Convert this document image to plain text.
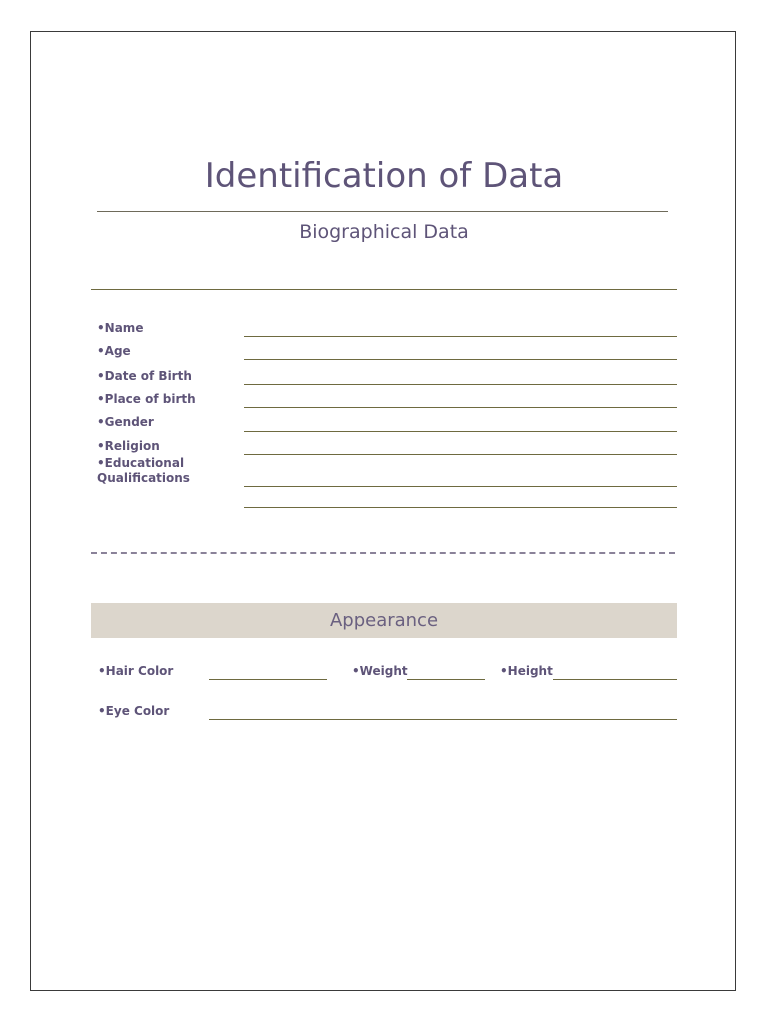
Identification of Data
Biographical Data
•Name
•Age
•Date of Birth
•Place of birth
•Gender
•Religion
•Educational
Qualifications
Appearance
•Hair Color	•Weight	•Height
•Eye Color
